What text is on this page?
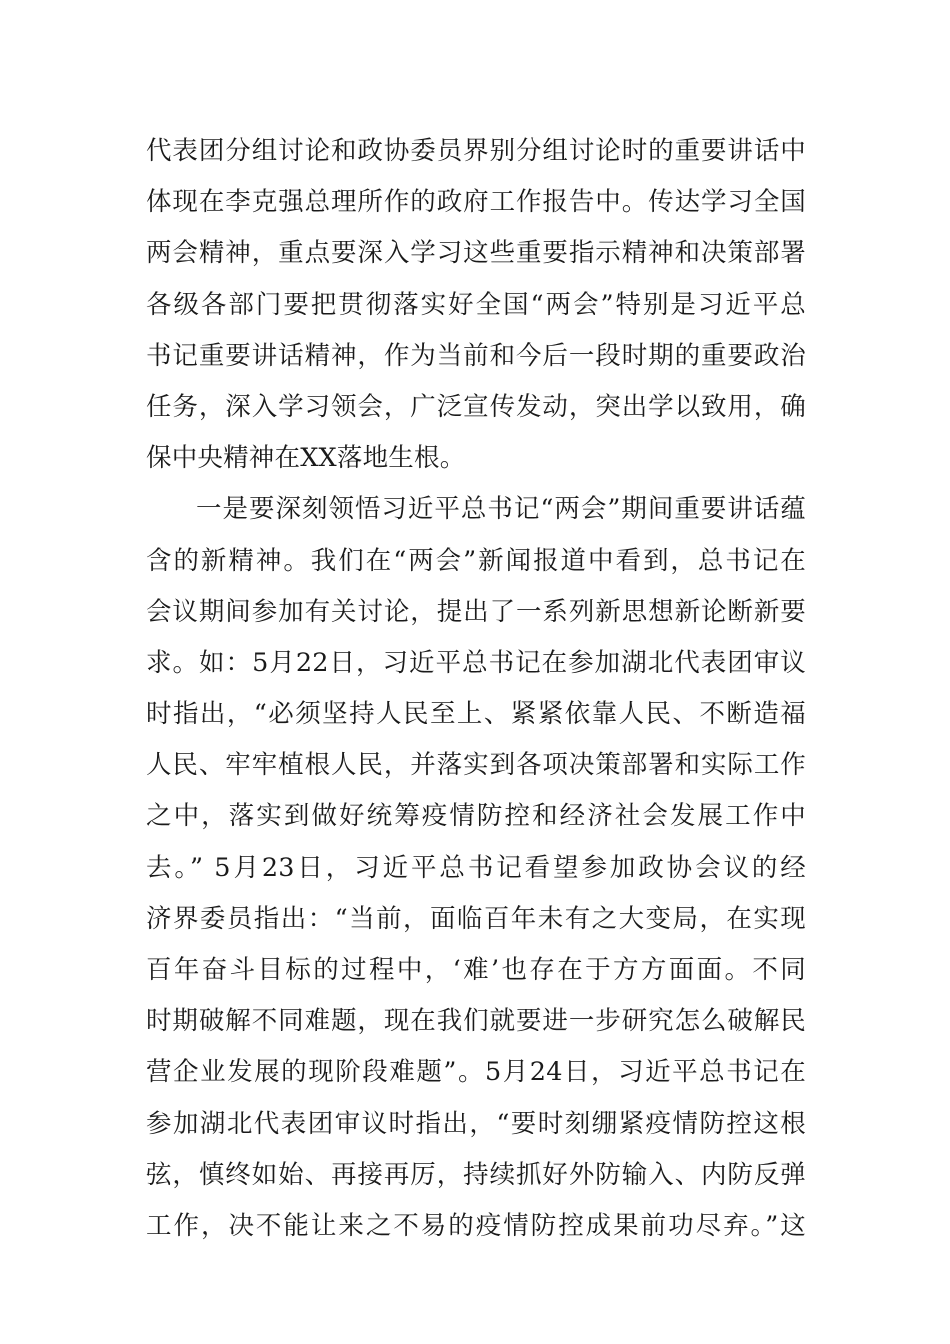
代表团分组讨论和政协委员界别分组讨论时的重要讲话中
体现在李克强总理所作的政府工作报告中。传达学习全国
两会精神，重点要深入学习这些重要指示精神和决策部署
各级各部门要把贯彻落实好全国“两会”特别是习近平总
书记重要讲话精神，作为当前和今后一段时期的重要政治
任务，深入学习领会，广泛宣传发动，突出学以致用，确
保中央精神在XX落地生根。
一是要深刻领悟习近平总书记“两会”期间重要讲话蕴
含的新精神。我们在“两会”新闻报道中看到，总书记在
会议期间参加有关讨论，提出了一系列新思想新论断新要
求。如：5月22日，习近平总书记在参加湖北代表团审议
时指出，“必须坚持人民至上、紧紧依靠人民、不断造福
人民、牢牢植根人民，并落实到各项决策部署和实际工作
之中，落实到做好统筹疫情防控和经济社会发展工作中
去。” 5月23日，习近平总书记看望参加政协会议的经
济界委员指出：“当前，面临百年未有之大变局，在实现
百年奋斗目标的过程中，‘难’也存在于方方面面。不同
时期破解不同难题，现在我们就要进一步研究怎么破解民
营企业发展的现阶段难题”。5月24日，习近平总书记在
参加湖北代表团审议时指出，“要时刻绷紧疫情防控这根
弦，慎终如始、再接再厉，持续抓好外防输入、内防反弹
工作，决不能让来之不易的疫情防控成果前功尽弃。”这
